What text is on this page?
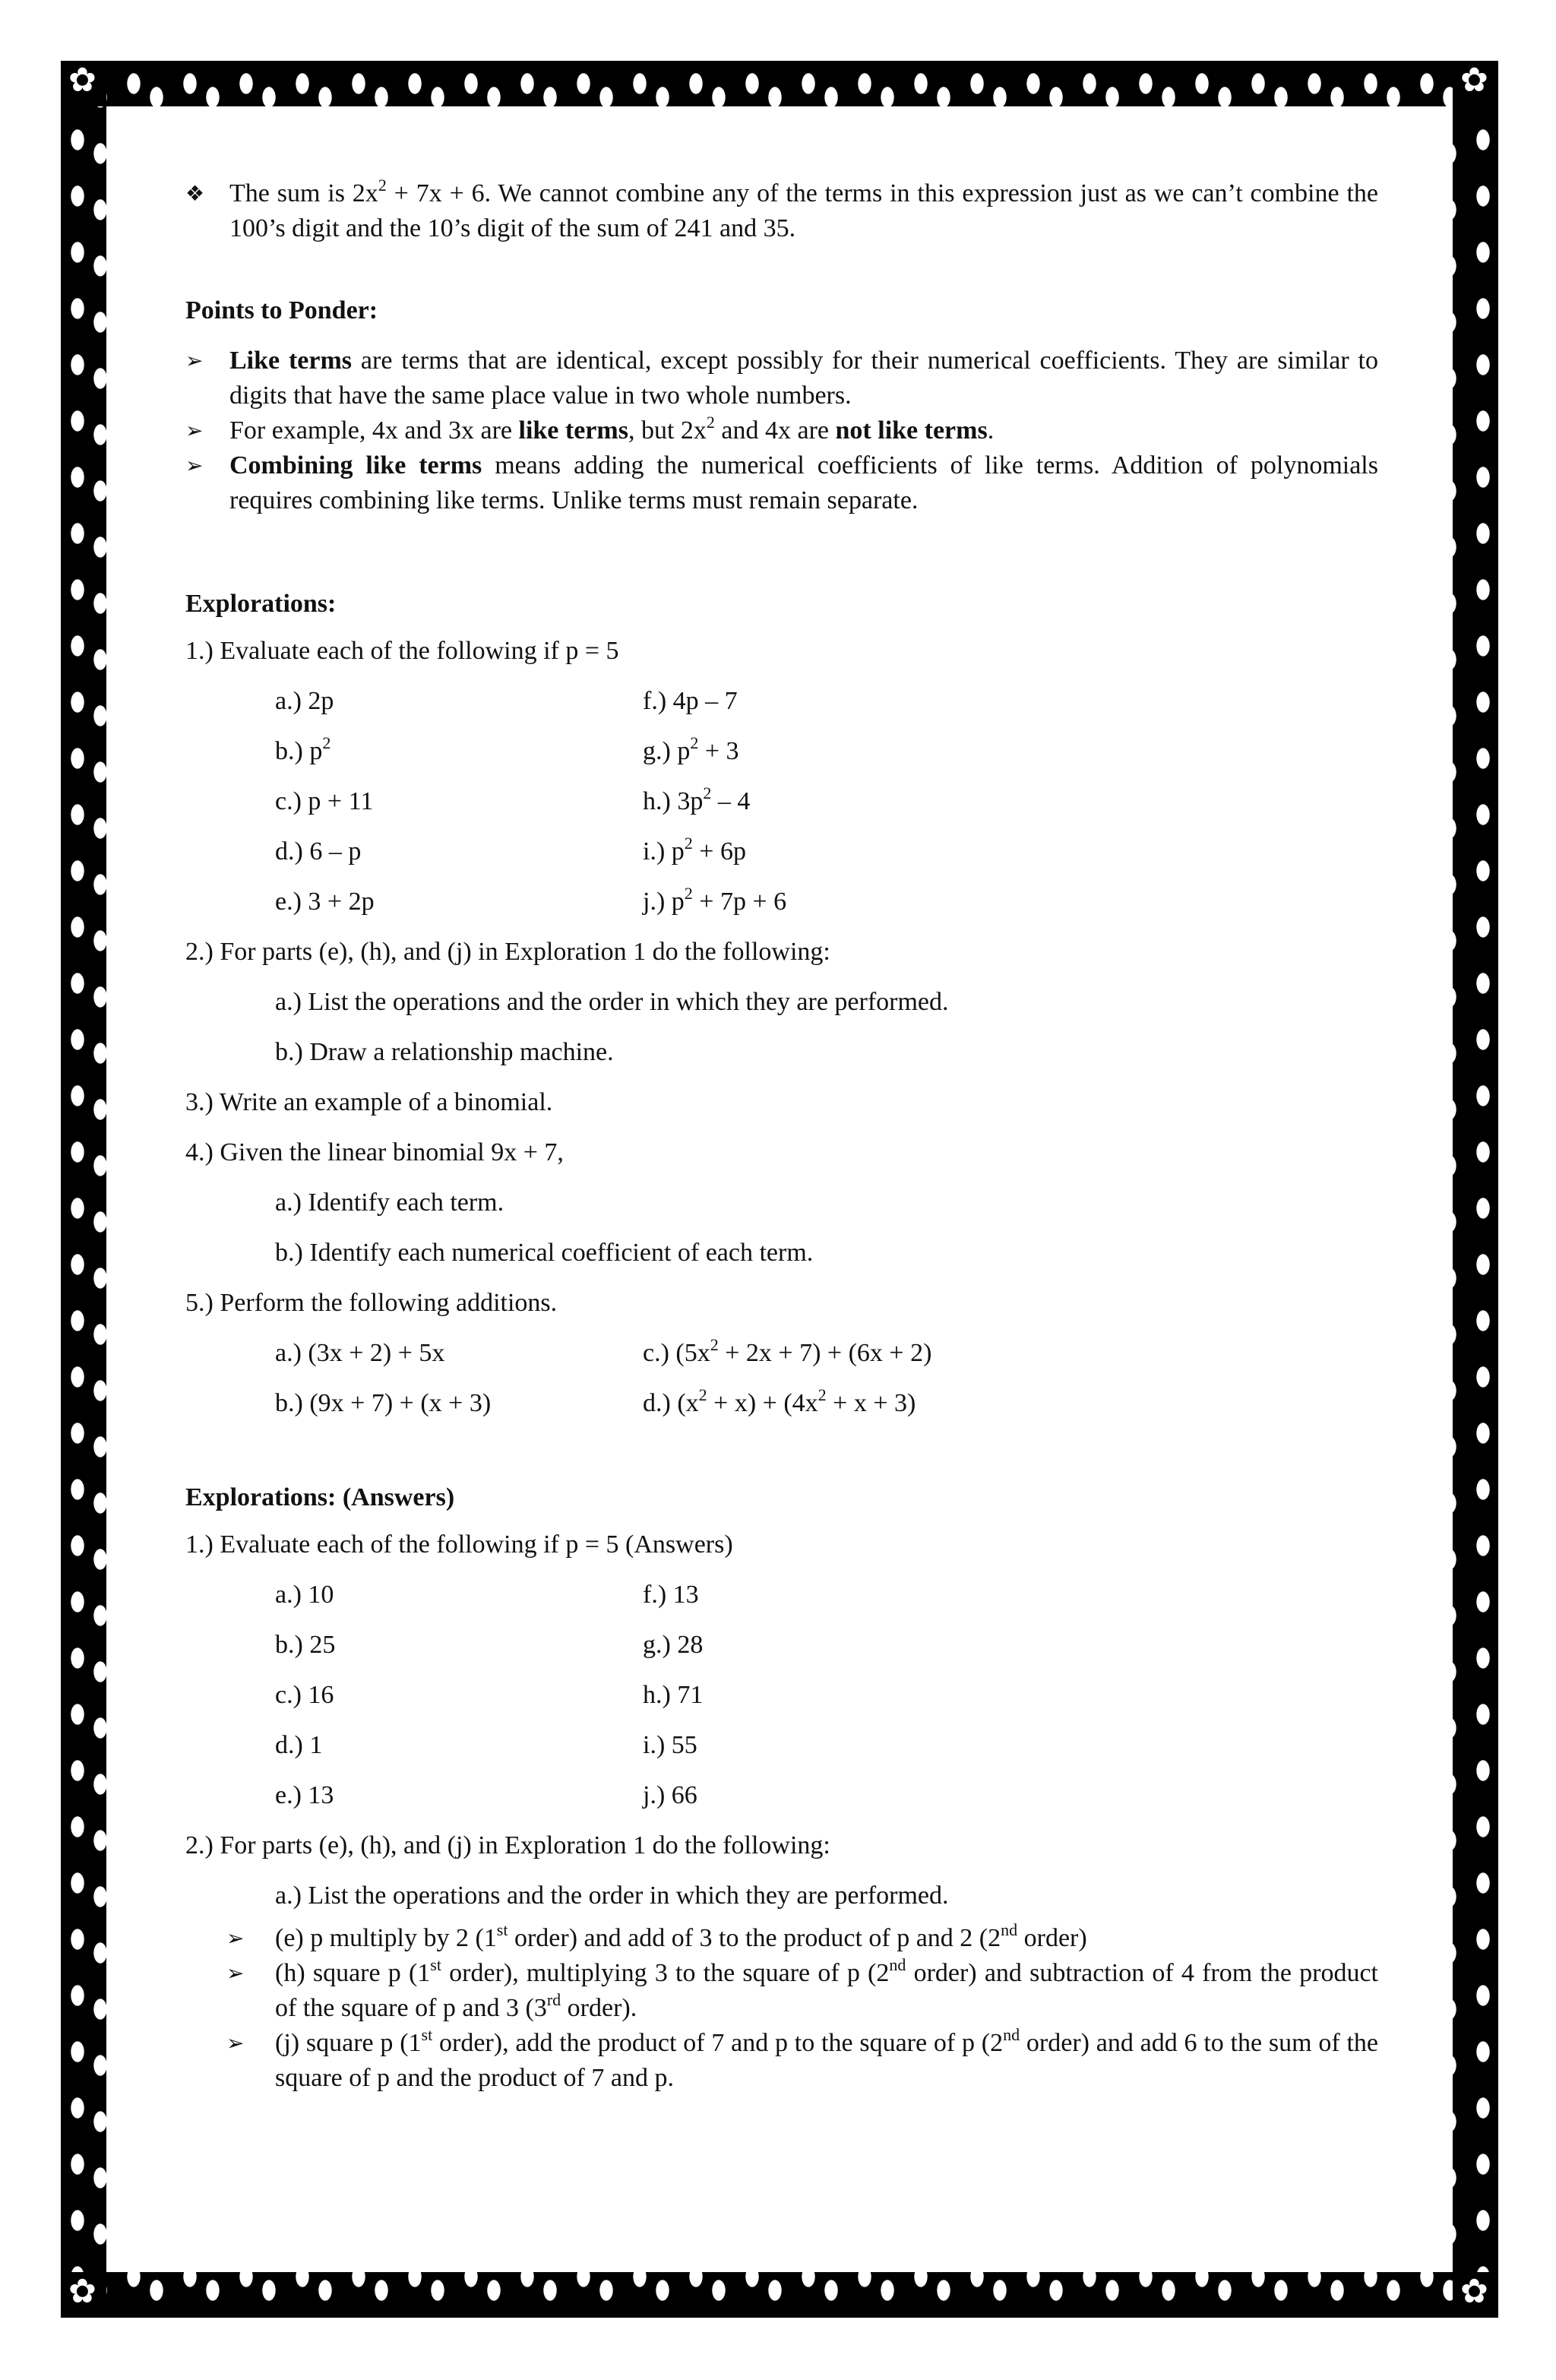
✿
✿
✿
✿

❖ The sum is $2x^2 + 7x + 6$. We cannot combine any of the terms in this expression just as we can’t combine the 100’s digit and the 10’s digit of the sum of 241 and 35.

Points to Ponder:

➢ Like terms are terms that are identical, except possibly for their numerical coefficients. They are similar to digits that have the same place value in two whole numbers.

➢ For example, 4x and 3x are like terms, but $2x^2$ and 4x are not like terms.

➢ Combining like terms means adding the numerical coefficients of like terms. Addition of polynomials requires combining like terms. Unlike terms must remain separate.

Explorations:

1.) Evaluate each of the following if p = 5

a.) 2p	f.) 4p – 7
b.) $p^2$	g.) $p^2 + 3$
c.) p + 11	h.) $3p^2 - 4$
d.) 6 – p	i.) $p^2 + 6p$
e.) 3 + 2p	j.) $p^2 + 7p + 6$

2.) For parts (e), (h), and (j) in Exploration 1 do the following:

a.) List the operations and the order in which they are performed.

b.) Draw a relationship machine.

3.) Write an example of a binomial.

4.) Given the linear binomial 9x + 7,

a.) Identify each term.

b.) Identify each numerical coefficient of each term.

5.) Perform the following additions.

a.) (3x + 2) + 5x	c.) $(5x^2 + 2x + 7) + (6x + 2)$
b.) (9x + 7) + (x + 3)	d.) $(x^2 + x) + (4x^2 + x + 3)$

Explorations: (Answers)

1.) Evaluate each of the following if p = 5 (Answers)

a.) 10	f.) 13
b.) 25	g.) 28
c.) 16	h.) 71
d.) 1	i.) 55
e.) 13	j.) 66

2.) For parts (e), (h), and (j) in Exploration 1 do the following:

a.) List the operations and the order in which they are performed.

➢ (e) p multiply by 2 (1st order) and add of 3 to the product of p and 2 (2nd order)

➢ (h) square p (1st order), multiplying 3 to the square of p (2nd order) and subtraction of 4 from the product of the square of p and 3 (3rd order).

➢ (j) square p (1st order), add the product of 7 and p to the square of p (2nd order) and add 6 to the sum of the square of p and the product of 7 and p.
